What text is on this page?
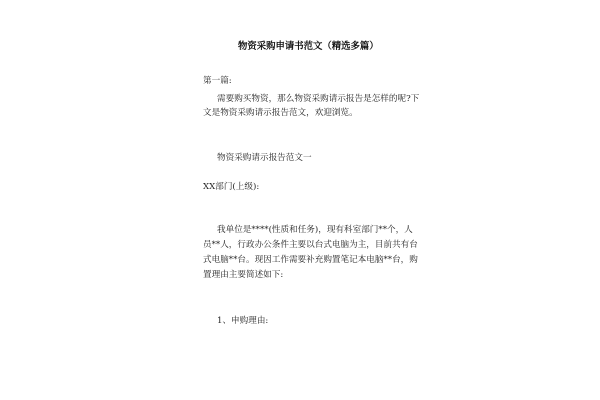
物资采购申请书范文（精选多篇）
第一篇:
需要购买物资，那么物资采购请示报告是怎样的呢?下
文是物资采购请示报告范文，欢迎浏览。
物资采购请示报告范文一
XX部门(上级):
我单位是****(性质和任务)，现有科室部门**个，人
员**人，行政办公条件主要以台式电脑为主，目前共有台
式电脑**台。现因工作需要补充购置笔记本电脑**台，购
置理由主要简述如下:
1、申购理由:
